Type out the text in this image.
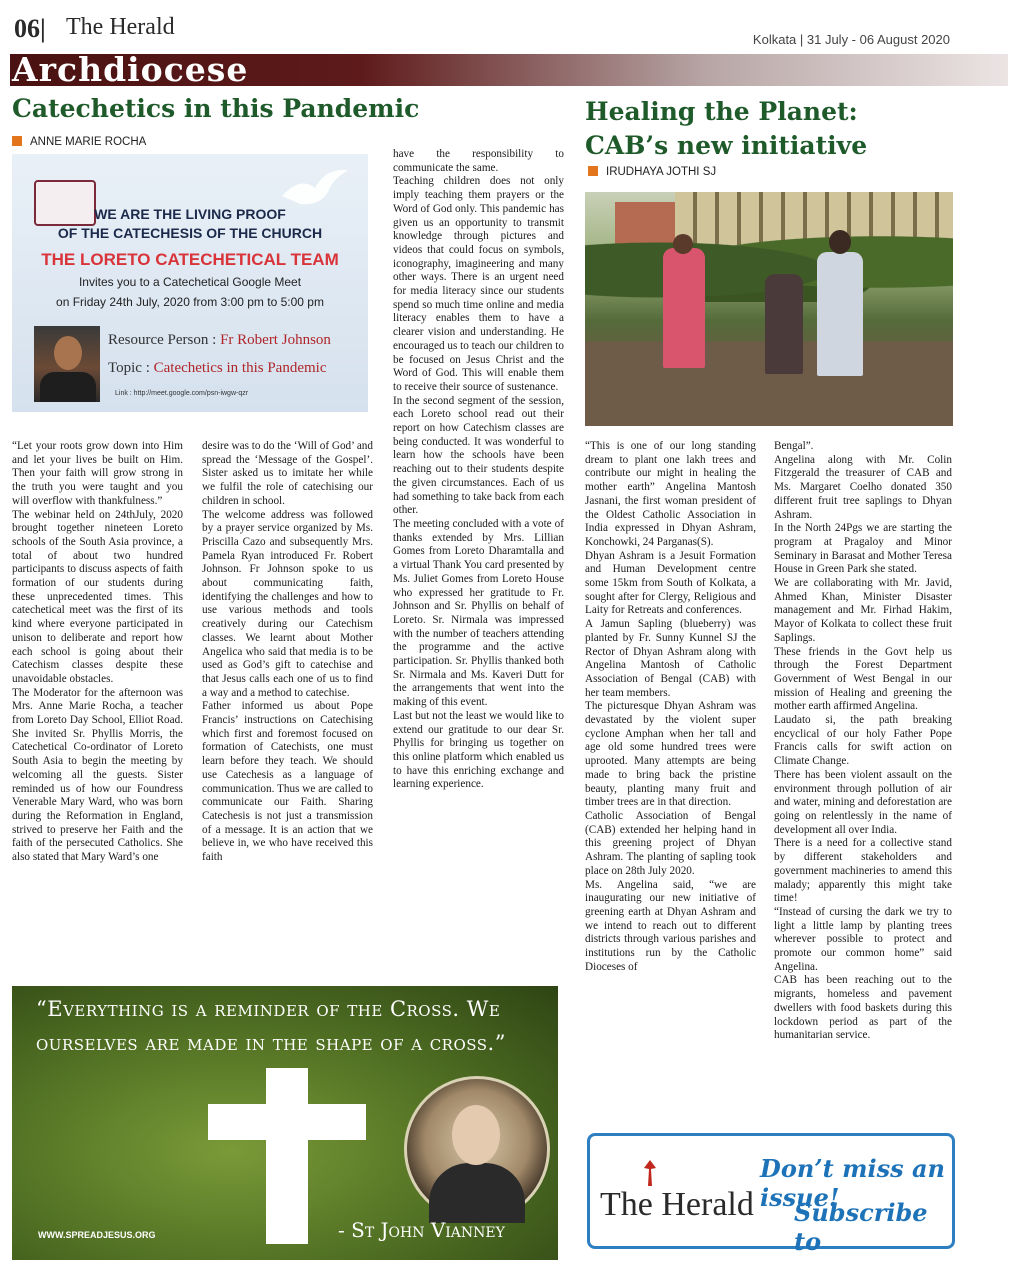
06| The Herald	Kolkata | 31 July - 06 August 2020
Archdiocese
Catechetics in this Pandemic
ANNE MARIE ROCHA
WE ARE THE LIVING PROOF
OF THE CATECHESIS OF THE CHURCH
THE LORETO CATECHETICAL TEAM
Invites you to a Catechetical Google Meet
on Friday 24th July, 2020 from 3:00 pm to 5:00 pm
Resource Person : Fr Robert Johnson
Topic : Catechetics in this Pandemic
Link : http://meet.google.com/psn-iwgw-qzr

“Let your roots grow down into Him and let your lives be built on Him. Then your faith will grow strong in the truth you were taught and you will overflow with thankfulness.”

The webinar held on 24thJuly, 2020 brought together nineteen Loreto schools of the South Asia province, a total of about two hundred participants to discuss aspects of faith formation of our students during these unprecedented times. This catechetical meet was the first of its kind where everyone participated in unison to deliberate and report how each school is going about their Catechism classes despite these unavoidable obstacles.

The Moderator for the afternoon was Mrs. Anne Marie Rocha, a teacher from Loreto Day School, Elliot Road. She invited Sr. Phyllis Morris, the Catechetical Co-ordinator of Loreto South Asia to begin the meeting by welcoming all the guests. Sister reminded us of how our Foundress Venerable Mary Ward, who was born during the Reformation in England, strived to preserve her Faith and the faith of the persecuted Catholics. She also stated that Mary Ward’s one

desire was to do the ‘Will of God’ and spread the ‘Message of the Gospel’. Sister asked us to imitate her while we fulfil the role of catechising our children in school.

The welcome address was followed by a prayer service organized by Ms. Priscilla Cazo and subsequently Mrs. Pamela Ryan introduced Fr. Robert Johnson. Fr Johnson spoke to us about communicating faith, identifying the challenges and how to use various methods and tools creatively during our Catechism classes. We learnt about Mother Angelica who said that media is to be used as God’s gift to catechise and that Jesus calls each one of us to find a way and a method to catechise.

Father informed us about Pope Francis’ instructions on Catechising which first and foremost focused on formation of Catechists, one must learn before they teach. We should use Catechesis as a language of communication. Thus we are called to communicate our Faith. Sharing Catechesis is not just a transmission of a message. It is an action that we believe in, we who have received this faith

have the responsibility to communicate the same.

Teaching children does not only imply teaching them prayers or the Word of God only. This pandemic has given us an opportunity to transmit knowledge through pictures and videos that could focus on symbols, iconography, imagineering and many other ways. There is an urgent need for media literacy since our students spend so much time online and media literacy enables them to have a clearer vision and understanding. He encouraged us to teach our children to be focused on Jesus Christ and the Word of God. This will enable them to receive their source of sustenance.

In the second segment of the session, each Loreto school read out their report on how Catechism classes are being conducted. It was wonderful to learn how the schools have been reaching out to their students despite the given circumstances. Each of us had something to take back from each other.

The meeting concluded with a vote of thanks extended by Mrs. Lillian Gomes from Loreto Dharamtalla and a virtual Thank You card presented by Ms. Juliet Gomes from Loreto House who expressed her gratitude to Fr. Johnson and Sr. Phyllis on behalf of Loreto. Sr. Nirmala was impressed with the number of teachers attending the programme and the active participation. Sr. Phyllis thanked both Sr. Nirmala and Ms. Kaveri Dutt for the arrangements that went into the making of this event.

Last but not the least we would like to extend our gratitude to our dear Sr. Phyllis for bringing us together on this online platform which enabled us to have this enriching exchange and learning experience.

Healing the Planet:
CAB’s new initiative
IRUDHAYA JOTHI SJ

“This is one of our long standing dream to plant one lakh trees and contribute our might in healing the mother earth” Angelina Mantosh Jasnani, the first woman president of the Oldest Catholic Association in India expressed in Dhyan Ashram, Konchowki, 24 Parganas(S).

Dhyan Ashram is a Jesuit Formation and Human Development centre some 15km from South of Kolkata, a sought after for Clergy, Religious and Laity for Retreats and conferences.

A Jamun Sapling (blueberry) was planted by Fr. Sunny Kunnel SJ the Rector of Dhyan Ashram along with Angelina Mantosh of Catholic Association of Bengal (CAB) with her team members.

The picturesque Dhyan Ashram was devastated by the violent super cyclone Amphan when her tall and age old some hundred trees were uprooted. Many attempts are being made to bring back the pristine beauty, planting many fruit and timber trees are in that direction.

Catholic Association of Bengal (CAB) extended her helping hand in this greening project of Dhyan Ashram. The planting of sapling took place on 28th July 2020.

Ms. Angelina said, “we are inaugurating our new initiative of greening earth at Dhyan Ashram and we intend to reach out to different districts through various parishes and institutions run by the Catholic Dioceses of

Bengal”.

Angelina along with Mr. Colin Fitzgerald the treasurer of CAB and Ms. Margaret Coelho donated 350 different fruit tree saplings to Dhyan Ashram.

In the North 24Pgs we are starting the program at Pragaloy and Minor Seminary in Barasat and Mother Teresa House in Green Park she stated.

We are collaborating with Mr. Javid, Ahmed Khan, Minister Disaster management and Mr. Firhad Hakim, Mayor of Kolkata to collect these fruit Saplings.

These friends in the Govt help us through the Forest Department Government of West Bengal in our mission of Healing and greening the mother earth affirmed Angelina.

Laudato si, the path breaking encyclical of our holy Father Pope Francis calls for swift action on Climate Change.

There has been violent assault on the environment through pollution of air and water, mining and deforestation are going on relentlessly in the name of development all over India.

There is a need for a collective stand by different stakeholders and government machineries to amend this malady; apparently this might take time!

“Instead of cursing the dark we try to light a little lamp by planting trees wherever possible to protect and promote our common home” said Angelina.

CAB has been reaching out to the migrants, homeless and pavement dwellers with food baskets during this lockdown period as part of the humanitarian service.

“Everything is a reminder of the Cross. We ourselves are made in the shape of a cross.”
WWW.SPREADJESUS.ORG	- St John Vianney
The Herald
Don’t miss an issue!
Subscribe to
